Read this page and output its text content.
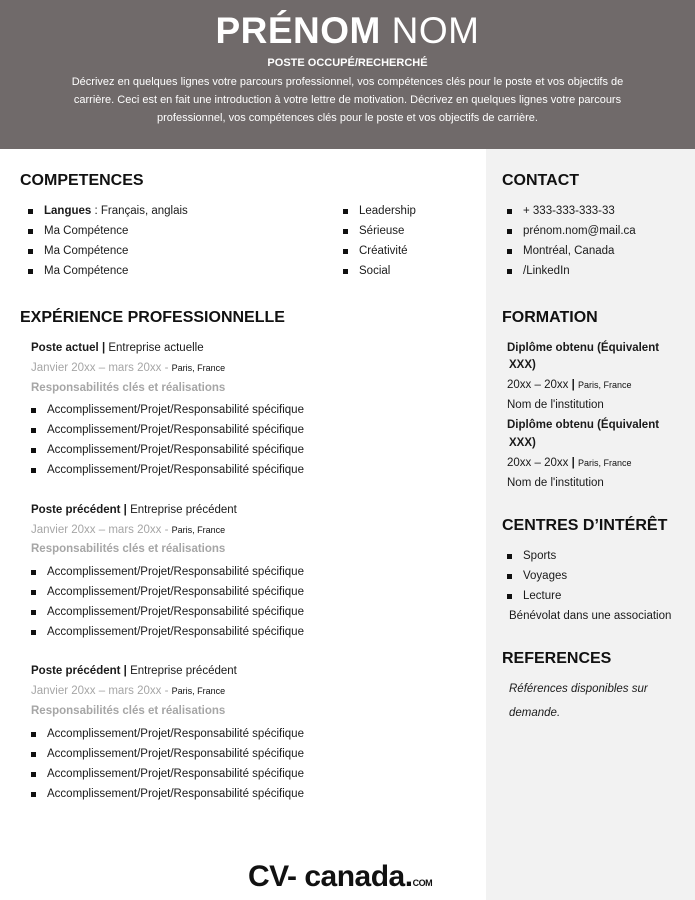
PRÉNOM NOM
POSTE OCCUPÉ/RECHERCHÉ
Décrivez en quelques lignes votre parcours professionnel, vos compétences clés pour le poste et vos objectifs de carrière. Ceci est en fait une introduction à votre lettre de motivation. Décrivez en quelques lignes votre parcours professionnel, vos compétences clés pour le poste et vos objectifs de carrière.
COMPETENCES
Langues : Français, anglais
Ma Compétence
Ma Compétence
Ma Compétence
Leadership
Sérieuse
Créativité
Social
EXPÉRIENCE PROFESSIONNELLE
Poste actuel | Entreprise actuelle
Janvier 20xx – mars 20xx - Paris, France
Responsabilités clés et réalisations
Accomplissement/Projet/Responsabilité spécifique
Accomplissement/Projet/Responsabilité spécifique
Accomplissement/Projet/Responsabilité spécifique
Accomplissement/Projet/Responsabilité spécifique
Poste précédent | Entreprise précédent
Janvier 20xx – mars 20xx - Paris, France
Responsabilités clés et réalisations
Accomplissement/Projet/Responsabilité spécifique
Accomplissement/Projet/Responsabilité spécifique
Accomplissement/Projet/Responsabilité spécifique
Accomplissement/Projet/Responsabilité spécifique
Poste précédent | Entreprise précédent
Janvier 20xx – mars 20xx - Paris, France
Responsabilités clés et réalisations
Accomplissement/Projet/Responsabilité spécifique
Accomplissement/Projet/Responsabilité spécifique
Accomplissement/Projet/Responsabilité spécifique
Accomplissement/Projet/Responsabilité spécifique
CONTACT
+ 333-333-333-33
prénom.nom@mail.ca
Montréal, Canada
/LinkedIn
FORMATION
Diplôme obtenu (Équivalent
XXX)
20xx – 20xx | Paris, France
Nom de l'institution
Diplôme obtenu (Équivalent
XXX)
20xx – 20xx | Paris, France
Nom de l'institution
CENTRES D’INTÉRÊT
Sports
Voyages
Lecture
Bénévolat dans une association
REFERENCES
Références disponibles sur
demande.
CV- canada.COM
